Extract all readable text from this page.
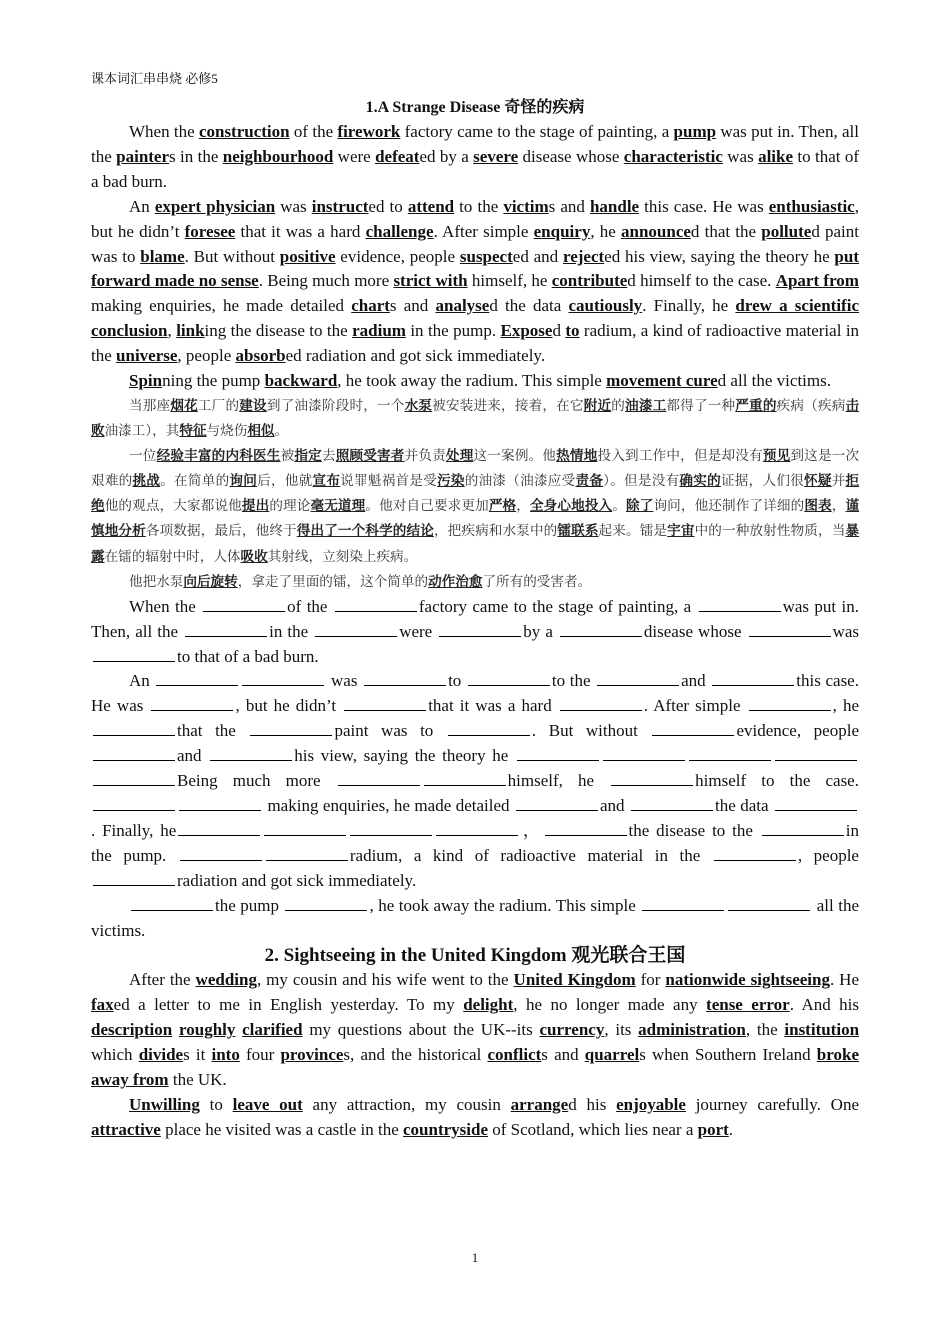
课本词汇串串烧 必修5
1.A Strange Disease 奇怪的疾病

When the construction of the firework factory came to the stage of painting, a pump was put in. Then, all the painters in the neighbourhood were defeated by a severe disease whose characteristic was alike to that of a bad burn.

An expert physician was instructed to attend to the victims and handle this case. He was enthusiastic, but he didn’t foresee that it was a hard challenge. After simple enquiry, he announced that the polluted paint was to blame. But without positive evidence, people suspected and rejected his view, saying the theory he put forward made no sense. Being much more strict with himself, he contributed himself to the case. Apart from making enquiries, he made detailed charts and analysed the data cautiously. Finally, he drew a scientific conclusion, linking the disease to the radium in the pump. Exposed to radium, a kind of radioactive material in the universe, people absorbed radiation and got sick immediately.

Spinning the pump backward, he took away the radium. This simple movement cured all the victims.

当那座烟花工厂的建设到了油漆阶段时，一个水泵被安装进来，接着，在它附近的油漆工都得了一种严重的疾病（疾病击败油漆工），其特征与烧伤相似。

一位经验丰富的内科医生被指定去照顾受害者并负责处理这一案例。他热情地投入到工作中，但是却没有预见到这是一次艰难的挑战。在简单的询问后，他就宣布说罪魁祸首是受污染的油漆（油漆应受责备）。但是没有确实的证据，人们很怀疑并拒绝他的观点，大家都说他提出的理论毫无道理。他对自己要求更加严格，全身心地投入。除了询问，他还制作了详细的图表，谨慎地分析各项数据，最后，他终于得出了一个科学的结论，把疾病和水泵中的镭联系起来。镭是宇宙中的一种放射性物质，当暴露在镭的辐射中时，人体吸收其射线，立刻染上疾病。

他把水泵向后旋转，拿走了里面的镭，这个简单的动作治愈了所有的受害者。

When the	of the	factory came to the stage of painting, a	was put in. Then, all the	in the	were	by a	disease whose	was to that of a bad burn.

An	was	to	to the	and	this case. He was	, but he didn’t	that it was a hard	. After simple	, he that the	paint was to	. But without	evidence, people and	his view, saying the theory he Being much more	himself, he	himself to the case.  making enquiries, he made detailed	and	the data . Finally, he	，	the disease to the	in the pump.	radium, a kind of radioactive material in the	, people radiation and got sick immediately.

the pump	, he took away the radium. This simple	all the victims.

2. Sightseeing in the United Kingdom 观光联合王国

After the wedding, my cousin and his wife went to the United Kingdom for nationwide sightseeing. He faxed a letter to me in English yesterday. To my delight, he no longer made any tense error. And his description roughly clarified my questions about the UK--its currency, its administration, the institution which divides it into four provinces, and the historical conflicts and quarrels when Southern Ireland broke away from the UK.

Unwilling to leave out any attraction, my cousin arranged his enjoyable journey carefully. One attractive place he visited was a castle in the countryside of Scotland, which lies near a port.

1
